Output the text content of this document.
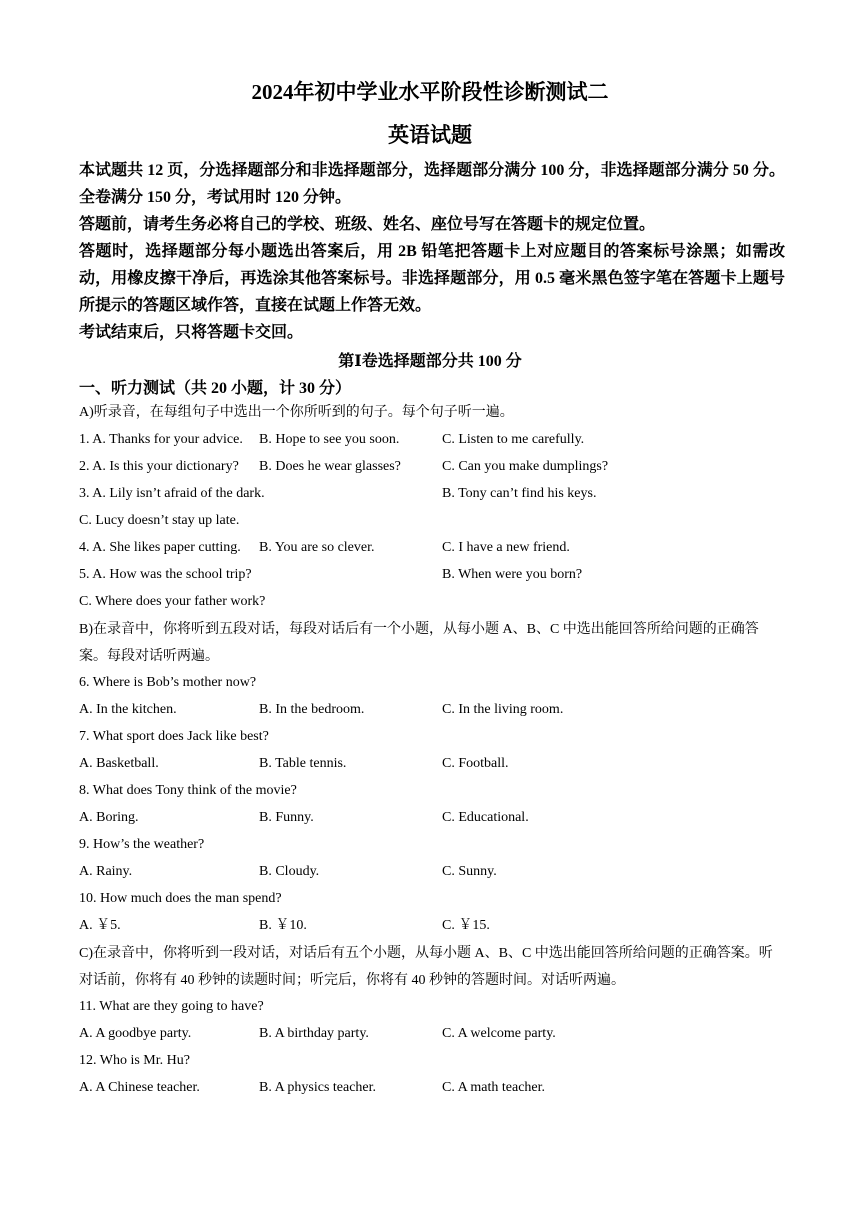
2024年初中学业水平阶段性诊断测试二
英语试题
本试题共 12 页，分选择题部分和非选择题部分，选择题部分满分 100 分，非选择题部分满分 50 分。全卷满分 150 分，考试用时 120 分钟。
答题前，请考生务必将自己的学校、班级、姓名、座位号写在答题卡的规定位置。
答题时，选择题部分每小题选出答案后，用 2B 铅笔把答题卡上对应题目的答案标号涂黑；如需改动，用橡皮擦干净后，再选涂其他答案标号。非选择题部分，用 0.5 毫米黑色签字笔在答题卡上题号所提示的答题区域作答，直接在试题上作答无效。
考试结束后，只将答题卡交回。
第Ⅰ卷选择题部分共 100 分
一、听力测试（共 20 小题，计 30 分）
A)听录音，在每组句子中选出一个你所听到的句子。每个句子听一遍。
1. A. Thanks for your advice. B. Hope to see you soon.	C. Listen to me carefully.
2. A. Is this your dictionary? B. Does he wear glasses?	C. Can you make dumplings?
3. A. Lily isn’t afraid of the dark.	B. Tony can’t find his keys.
C. Lucy doesn’t stay up late.
4. A. She likes paper cutting. B. You are so clever.	C. I have a new friend.
5. A. How was the school trip?	B. When were you born?
C. Where does your father work?
B)在录音中，你将听到五段对话，每段对话后有一个小题，从每小题 A、B、C 中选出能回答所给问题的正确答案。每段对话听两遍。
6. Where is Bob’s mother now?
A. In the kitchen.	B. In the bedroom.	C. In the living room.
7. What sport does Jack like best?
A. Basketball.	B. Table tennis.	C. Football.
8. What does Tony think of the movie?
A. Boring.	B. Funny.	C. Educational.
9. How’s the weather?
A. Rainy.	B. Cloudy.	C. Sunny.
10. How much does the man spend?
A. ￥5.	B. ￥10.	C. ￥15.
C)在录音中，你将听到一段对话，对话后有五个小题，从每小题 A、B、C 中选出能回答所给问题的正确答案。听对话前，你将有 40 秒钟的读题时间；听完后，你将有 40 秒钟的答题时间。对话听两遍。
11. What are they going to have?
A. A goodbye party.	B. A birthday party.	C. A welcome party.
12. Who is Mr. Hu?
A. A Chinese teacher.	B. A physics teacher.	C. A math teacher.
